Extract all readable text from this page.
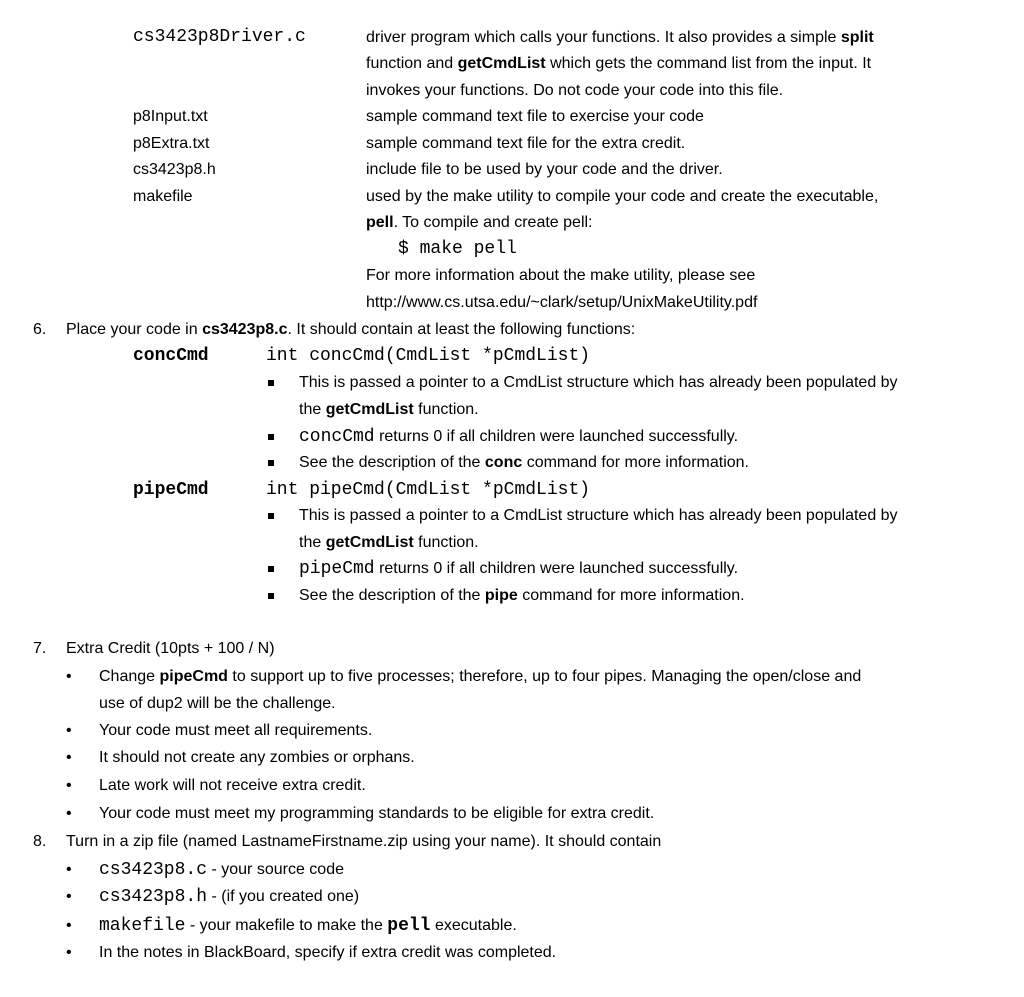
cs3423p8Driver.c	driver program which calls your functions. It also provides a simple split
function and getCmdList which gets the command list from the input. It
invokes your functions. Do not code your code into this file.
p8Input.txt	sample command text file to exercise your code
p8Extra.txt	sample command text file for the extra credit.
cs3423p8.h	include file to be used by your code and the driver.
makefile	used by the make utility to compile your code and create the executable,
pell. To compile and create pell:
$ make pell
For more information about the make utility, please see
http://www.cs.utsa.edu/~clark/setup/UnixMakeUtility.pdf
6. Place your code in cs3423p8.c. It should contain at least the following functions:
concCmd	int concCmd(CmdList *pCmdList)
This is passed a pointer to a CmdList structure which has already been populated by
the getCmdList function.
concCmd returns 0 if all children were launched successfully.
See the description of the conc command for more information.
pipeCmd	int pipeCmd(CmdList *pCmdList)
This is passed a pointer to a CmdList structure which has already been populated by
the getCmdList function.
pipeCmd returns 0 if all children were launched successfully.
See the description of the pipe command for more information.
7. Extra Credit (10pts + 100 / N)
• Change pipeCmd to support up to five processes; therefore, up to four pipes. Managing the open/close and
use of dup2 will be the challenge.
• Your code must meet all requirements.
• It should not create any zombies or orphans.
• Late work will not receive extra credit.
• Your code must meet my programming standards to be eligible for extra credit.
8. Turn in a zip file (named LastnameFirstname.zip using your name). It should contain
• cs3423p8.c - your source code
• cs3423p8.h - (if you created one)
• makefile - your makefile to make the pell executable.
• In the notes in BlackBoard, specify if extra credit was completed.
